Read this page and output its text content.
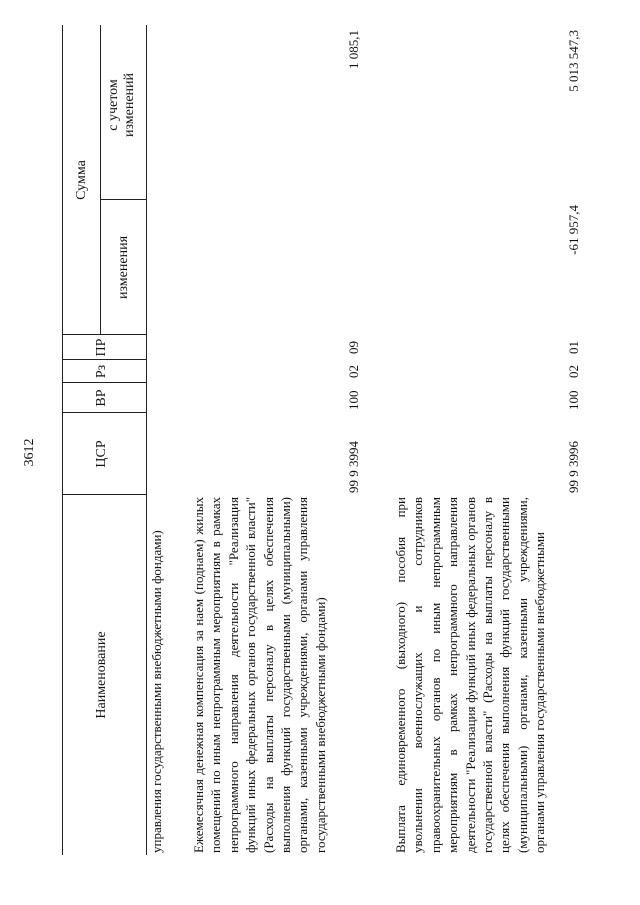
3612
Наименование
ЦСР
ВР
Рз
ПР
Сумма
изменения
с учетом изменений
управления государственными внебюджетными фондами) Ежемесячная денежная компенсация за наем (поднаем) жилых помещений по иным непрограммным мероприятиям в рамках непрограммного направления деятельности "Реализация функций иных федеральных органов государственной власти" (Расходы на выплаты персоналу в целях обеспечения выполнения функций государственными (муниципальными) органами, казенными учреждениями, органами управления государственными внебюджетными фондами)
99 9 3994
100
02
09
1 085,1
Выплата единовременного (выходного) пособия при увольнении военнослужащих и сотрудников правоохранительных органов по иным непрограммным мероприятиям в рамках непрограммного направления деятельности "Реализация функций иных федеральных органов государственной власти" (Расходы на выплаты персоналу в целях обеспечения выполнения функций государственными (муниципальными) органами, казенными учреждениями, органами управления государственными внебюджетными
99 9 3996
100
02
01
-61 957,4
5 013 547,3
